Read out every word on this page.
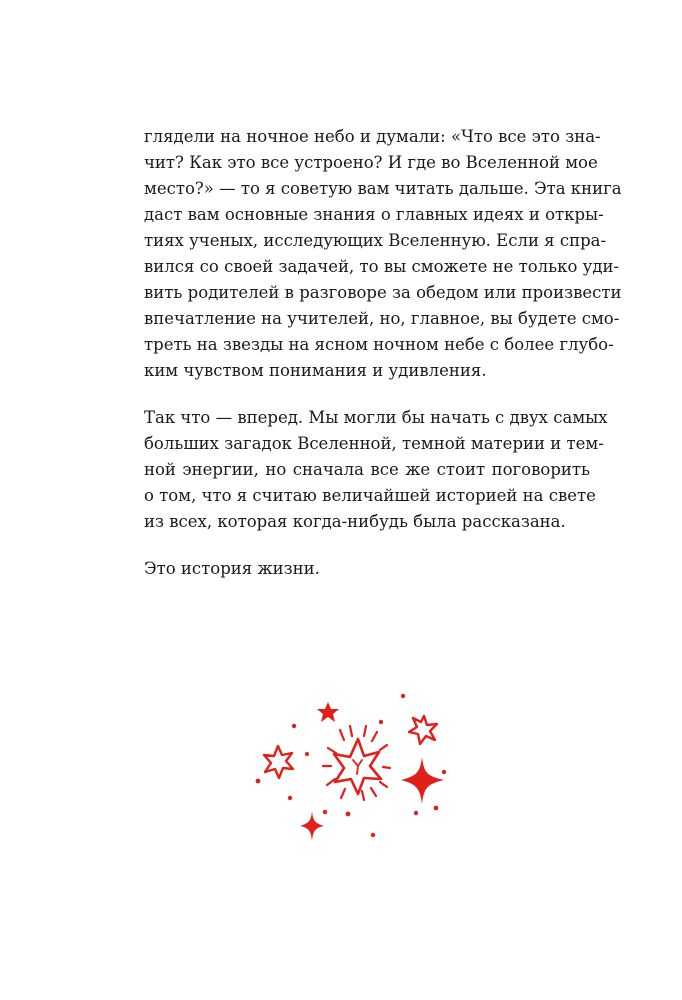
глядели на ночное небо и думали: «Что все это зна-
чит? Как это все устроено? И где во Вселенной мое
место?» — то я советую вам читать дальше. Эта книга
даст вам основные знания о главных идеях и откры-
тиях ученых, исследующих Вселенную. Если я спра-
вился со своей задачей, то вы сможете не только уди-
вить родителей в разговоре за обедом или произвести
впечатление на учителей, но, главное, вы будете смо-
треть на звезды на ясном ночном небе с более глубо-
ким чувством понимания и удивления.
Так что — вперед. Мы могли бы начать с двух самых
больших загадок Вселенной, темной материи и тем-
ной энергии, но сначала все же стоит поговорить
о том, что я считаю величайшей историей на свете
из всех, которая когда-нибудь была рассказана.
Это история жизни.
